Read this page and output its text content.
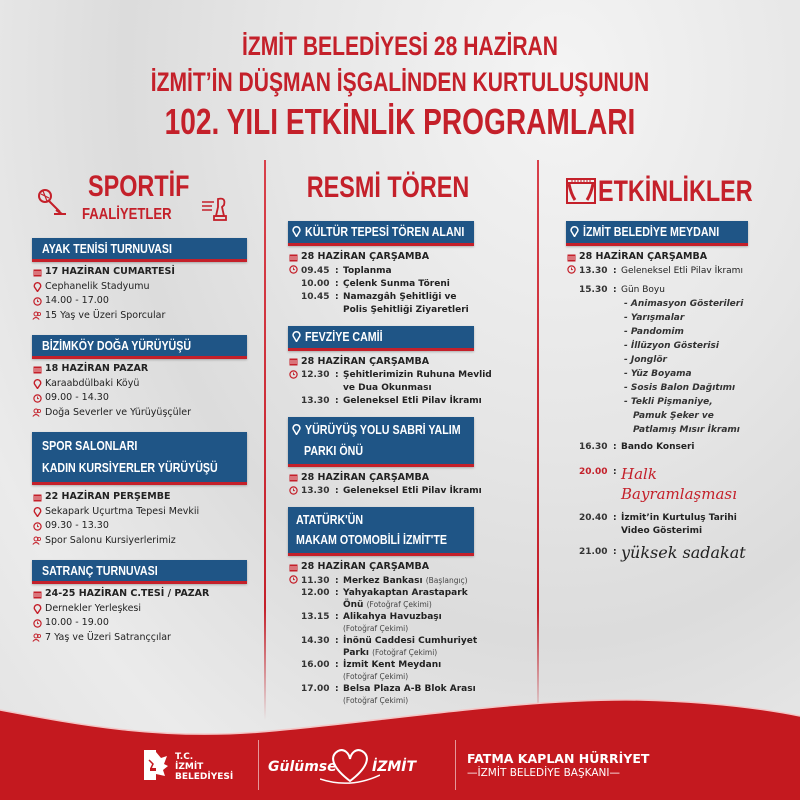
İZMİT BELEDİYESİ 28 HAZİRAN
İZMİT’İN DÜŞMAN İŞGALİNDEN KURTULUŞUNUN
102. YILI ETKİNLİK PROGRAMLARI
SPORTİF
FAALİYETLER
AYAK TENİSİ TURNUVASI
17 HAZİRAN CUMARTESİ
Cephanelik Stadyumu
14.00 - 17.00
15 Yaş ve Üzeri Sporcular
BİZİMKÖY DOĞA YÜRÜYÜŞÜ
18 HAZİRAN PAZAR
Karaabdülbaki Köyü
09.00 - 14.30
Doğa Severler ve Yürüyüşçüler
SPOR SALONLARI
KADIN KURSİYERLER YÜRÜYÜŞÜ
22 HAZİRAN PERŞEMBE
Sekapark Uçurtma Tepesi Mevkii
09.30 - 13.30
Spor Salonu Kursiyerlerimiz
SATRANÇ TURNUVASI
24-25 HAZİRAN C.TESİ / PAZAR
Dernekler Yerleşkesi
10.00 - 19.00
7 Yaş ve Üzeri Satranççılar
RESMİ TÖREN
KÜLTÜR TEPESİ TÖREN ALANI
28 HAZİRAN ÇARŞAMBA
09.45 : Toplanma
10.00 : Çelenk Sunma Töreni
10.45 : Namazgâh Şehitliği ve Polis Şehitliği Ziyaretleri
FEVZİYE CAMİİ
28 HAZİRAN ÇARŞAMBA
12.30 : Şehitlerimizin Ruhuna Mevlid ve Dua Okunması
13.30 : Geleneksel Etli Pilav İkramı
YÜRÜYÜŞ YOLU SABRİ YALIM
PARKI ÖNÜ
28 HAZİRAN ÇARŞAMBA
13.30 : Geleneksel Etli Pilav İkramı
ATATÜRK'ÜN
MAKAM OTOMOBİLİ İZMİT'TE
28 HAZİRAN ÇARŞAMBA
11.30 : Merkez Bankası (Başlangıç)
12.00 : Yahyakaptan Arastapark Önü (Fotoğraf Çekimi)
13.15 : Alikahya Havuzbaşı
(Fotoğraf Çekimi)
14.30 : İnönü Caddesi Cumhuriyet Parkı (Fotoğraf Çekimi)
16.00 : İzmit Kent Meydanı
(Fotoğraf Çekimi)
17.00 : Belsa Plaza A-B Blok Arası
(Fotoğraf Çekimi)
ETKİNLİKLER
İZMİT BELEDİYE MEYDANI
28 HAZİRAN ÇARŞAMBA
13.30 : Geleneksel Etli Pilav İkramı
15.30 : Gün Boyu
- Animasyon Gösterileri
- Yarışmalar
- Pandomim
- İllüzyon Gösterisi
- Jonglör
- Yüz Boyama
- Sosis Balon Dağıtımı
- Tekli Pişmaniye,
Pamuk Şeker ve
Patlamış Mısır İkramı
16.30 : Bando Konseri
20.00 : Halk Bayramlaşması
20.40 : İzmit’in Kurtuluş Tarihi Video Gösterimi
21.00 : yüksek sadakat
T.C.
İZMİT
BELEDİYESİ
Gülümse	İZMİT
FATMA KAPLAN HÜRRİYET
—İZMİT BELEDİYE BAŞKANI—
